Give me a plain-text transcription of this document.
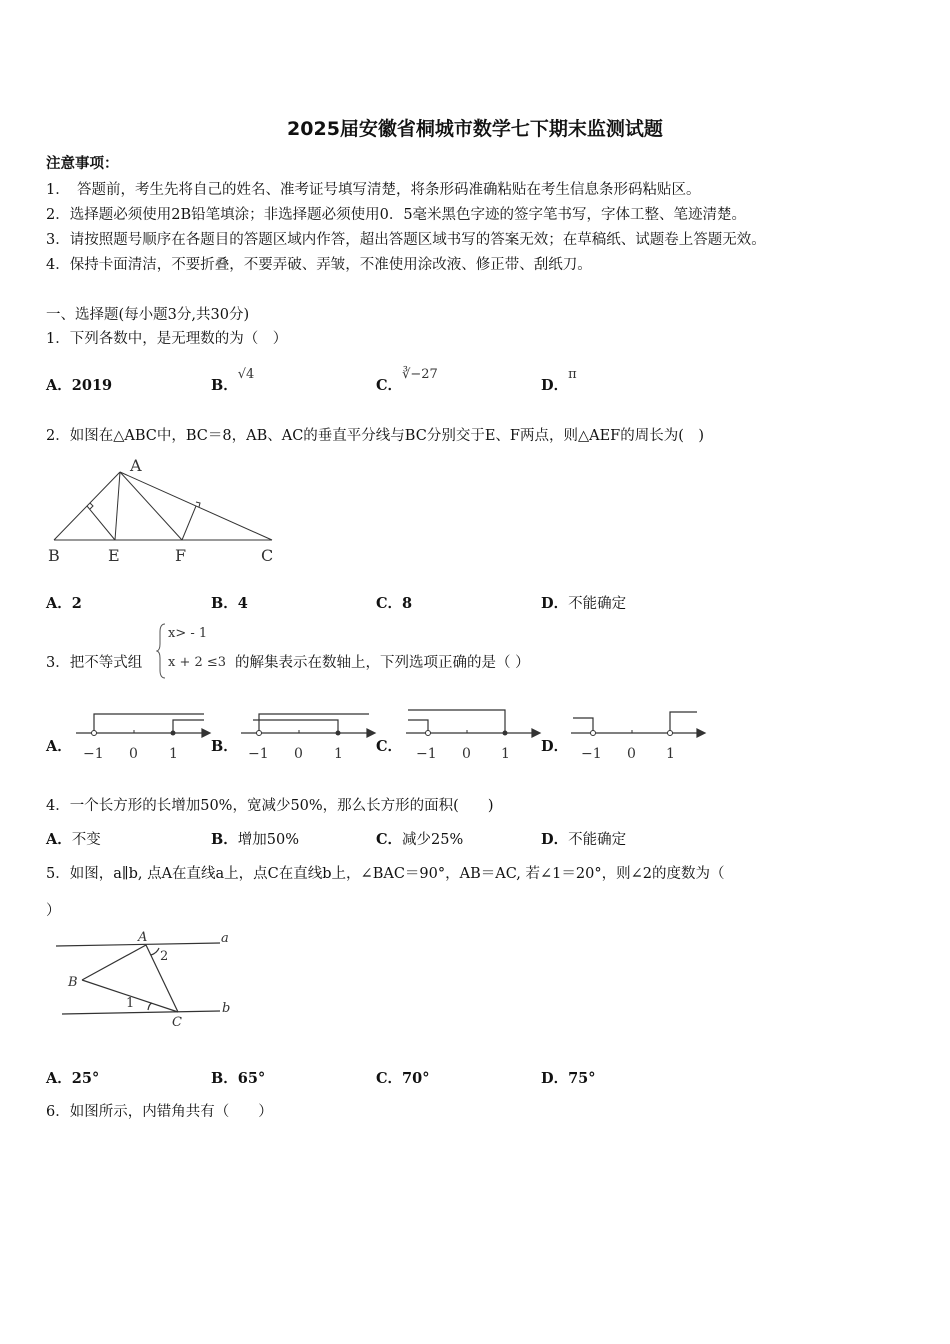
2025届安徽省桐城市数学七下期末监测试题
注意事项：
1．　答题前，考生先将自己的姓名、准考证号填写清楚，将条形码准确粘贴在考生信息条形码粘贴区。
2．选择题必须使用2B铅笔填涂；非选择题必须使用0．5毫米黑色字迹的签字笔书写，字体工整、笔迹清楚。
3．请按照题号顺序在各题目的答题区域内作答，超出答题区域书写的答案无效；在草稿纸、试题卷上答题无效。
4．保持卡面清洁，不要折叠，不要弄破、弄皱，不准使用涂改液、修正带、刮纸刀。
一、选择题(每小题3分,共30分)
1．下列各数中，是无理数的为（　）
A．2019	B．√4
C．∛−27
D．π
2．如图在△ABC中，BC＝8，AB、AC的垂直平分线与BC分别交于E、F两点，则△AEF的周长为(　)
A
B	E	F	C
A．2	B．4	C．8	D．不能确定
3．把不等式组
x> - 1
x + 2 ≤3 的解集表示在数轴上，下列选项正确的是（ ）
A． −1 0 1 B． −1 0 1 C． −1 0 1 D． −1 0 1
4．一个长方形的长增加50%，宽减少50%，那么长方形的面积(　　)
A．不变	B．增加50%	C．减少25%	D．不能确定
5．如图，a∥b, 点A在直线a上，点C在直线b上，∠BAC＝90°，AB＝AC, 若∠1＝20°，则∠2的度数为（
）
A
B
C
a
b
2
1
A．25°	B．65°	C．70°	D．75°
6．如图所示，内错角共有（　　）
